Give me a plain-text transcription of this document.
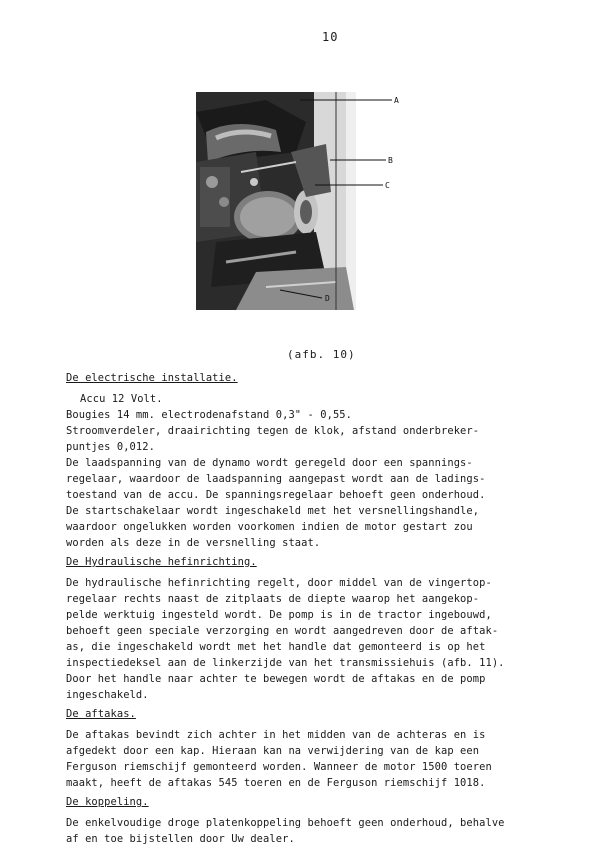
10
A
B
C
D
(afb. 10)
De electrische installatie.
Accu 12 Volt.
Bougies 14 mm. electrodenafstand 0,3" - 0,55.
Stroomverdeler, draairichting tegen de klok, afstand onderbreker-
puntjes 0,012.
De laadspanning van de dynamo wordt geregeld door een spannings-
regelaar, waardoor de laadspanning aangepast wordt aan de ladings-
toestand van de accu. De spanningsregelaar behoeft geen onderhoud.
De startschakelaar wordt ingeschakeld met het versnellingshandle,
waardoor ongelukken worden voorkomen indien de motor gestart zou
worden als deze in de versnelling staat.
De Hydraulische hefinrichting.
De hydraulische hefinrichting regelt, door middel van de vingertop-
regelaar rechts naast de zitplaats de diepte waarop het aangekop-
pelde werktuig ingesteld wordt. De pomp is in de tractor ingebouwd,
behoeft geen speciale verzorging en wordt aangedreven door de aftak-
as, die ingeschakeld wordt met het handle dat gemonteerd is op het
inspectiedeksel aan de linkerzijde van het transmissiehuis (afb. 11).
Door het handle naar achter te bewegen wordt de aftakas en de pomp
ingeschakeld.
De aftakas.
De aftakas bevindt zich achter in het midden van de achteras en is
afgedekt door een kap. Hieraan kan na verwijdering van de kap een
Ferguson riemschijf gemonteerd worden. Wanneer de motor 1500 toeren
maakt, heeft de aftakas 545 toeren en de Ferguson riemschijf 1018.
De koppeling.
De enkelvoudige droge platenkoppeling behoeft geen onderhoud, behalve
af en toe bijstellen door Uw dealer.
